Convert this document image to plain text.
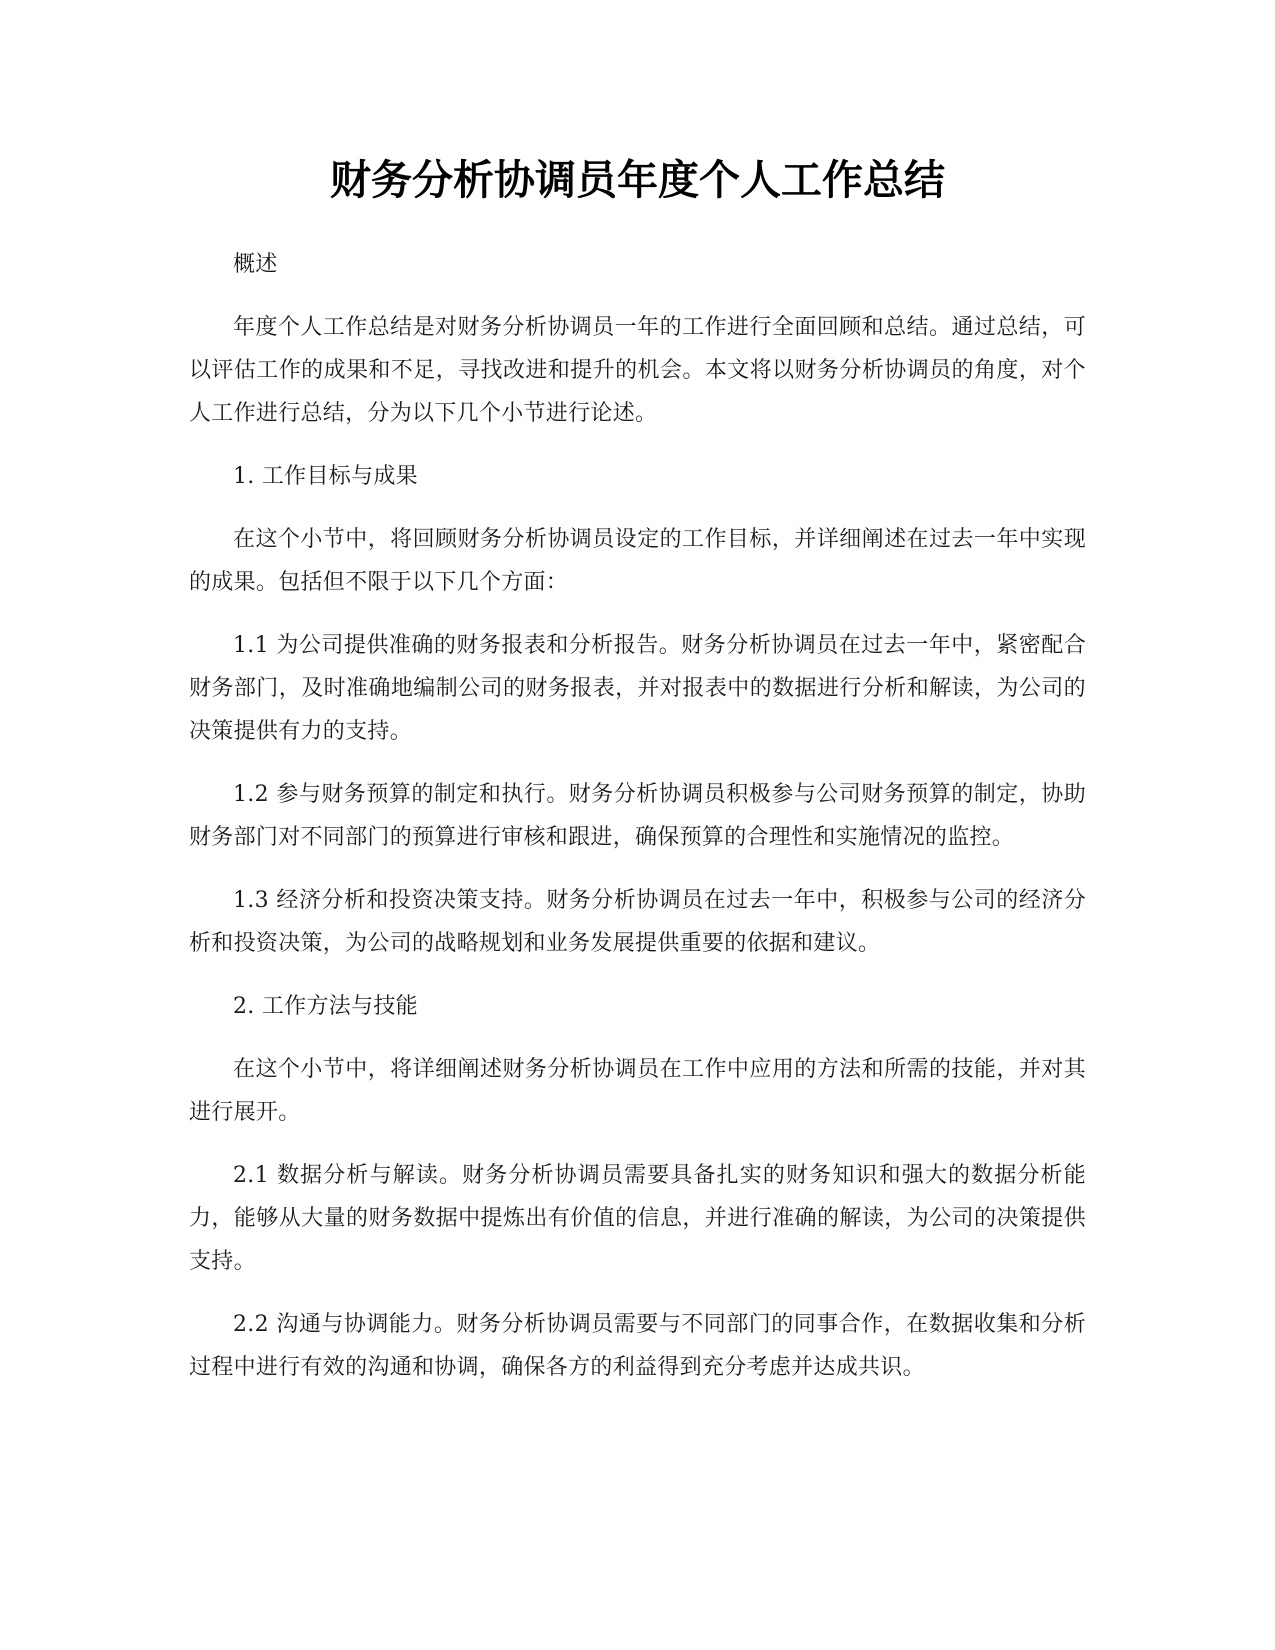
财务分析协调员年度个人工作总结

概述

年度个人工作总结是对财务分析协调员一年的工作进行全面回顾和总结。通过总结，可以评估工作的成果和不足，寻找改进和提升的机会。本文将以财务分析协调员的角度，对个人工作进行总结，分为以下几个小节进行论述。

1. 工作目标与成果

在这个小节中，将回顾财务分析协调员设定的工作目标，并详细阐述在过去一年中实现的成果。包括但不限于以下几个方面：

1.1 为公司提供准确的财务报表和分析报告。财务分析协调员在过去一年中，紧密配合财务部门，及时准确地编制公司的财务报表，并对报表中的数据进行分析和解读，为公司的决策提供有力的支持。

1.2 参与财务预算的制定和执行。财务分析协调员积极参与公司财务预算的制定，协助财务部门对不同部门的预算进行审核和跟进，确保预算的合理性和实施情况的监控。

1.3 经济分析和投资决策支持。财务分析协调员在过去一年中，积极参与公司的经济分析和投资决策，为公司的战略规划和业务发展提供重要的依据和建议。

2. 工作方法与技能

在这个小节中，将详细阐述财务分析协调员在工作中应用的方法和所需的技能，并对其进行展开。

2.1 数据分析与解读。财务分析协调员需要具备扎实的财务知识和强大的数据分析能力，能够从大量的财务数据中提炼出有价值的信息，并进行准确的解读，为公司的决策提供支持。

2.2 沟通与协调能力。财务分析协调员需要与不同部门的同事合作，在数据收集和分析过程中进行有效的沟通和协调，确保各方的利益得到充分考虑并达成共识。
